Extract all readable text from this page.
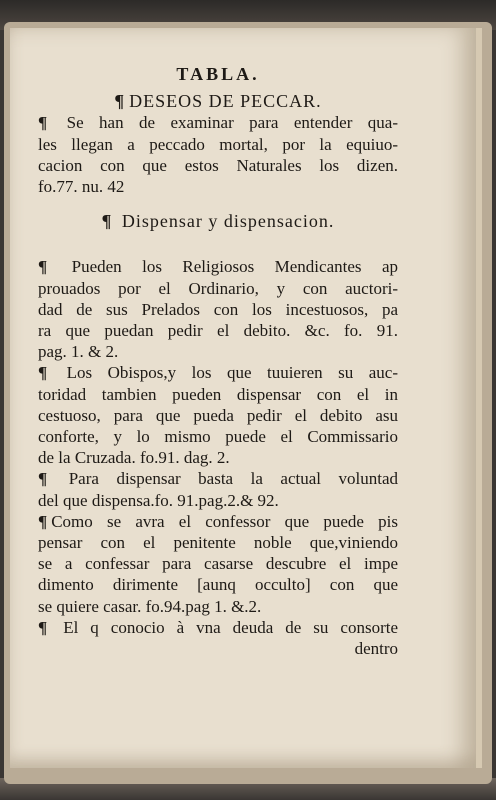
TABLA.
¶ DESEOS DE PECCAR.
¶ Se han de examinar para entender qua-
les llegan a peccado mortal, por la equiuo-
cacion con que estos Naturales los dizen.
fo.77. nu. 42
¶ Dispensar y dispensacion.
¶ Pueden los Religiosos Mendicantes ap
prouados por el Ordinario, y con auctori-
dad de sus Prelados con los incestuosos, pa
ra que puedan pedir el debito. &c. fo. 91.
pag. 1. & 2.
¶ Los Obispos,y los que tuuieren su auc-
toridad tambien pueden dispensar con el in
cestuoso, para que pueda pedir el debito asu
conforte, y lo mismo puede el Commissario
de la Cruzada. fo.91. dag. 2.
¶ Para dispensar basta la actual voluntad
del que dispensa.fo. 91.pag.2.& 92.
¶ Como se avra el confessor que puede pis
pensar con el penitente noble que,viniendo
se a confessar para casarse descubre el impe
dimento dirimente [aunq occulto] con que
se quiere casar. fo.94.pag 1. &.2.
¶ El q conocio à vna deuda de su consorte
dentro
